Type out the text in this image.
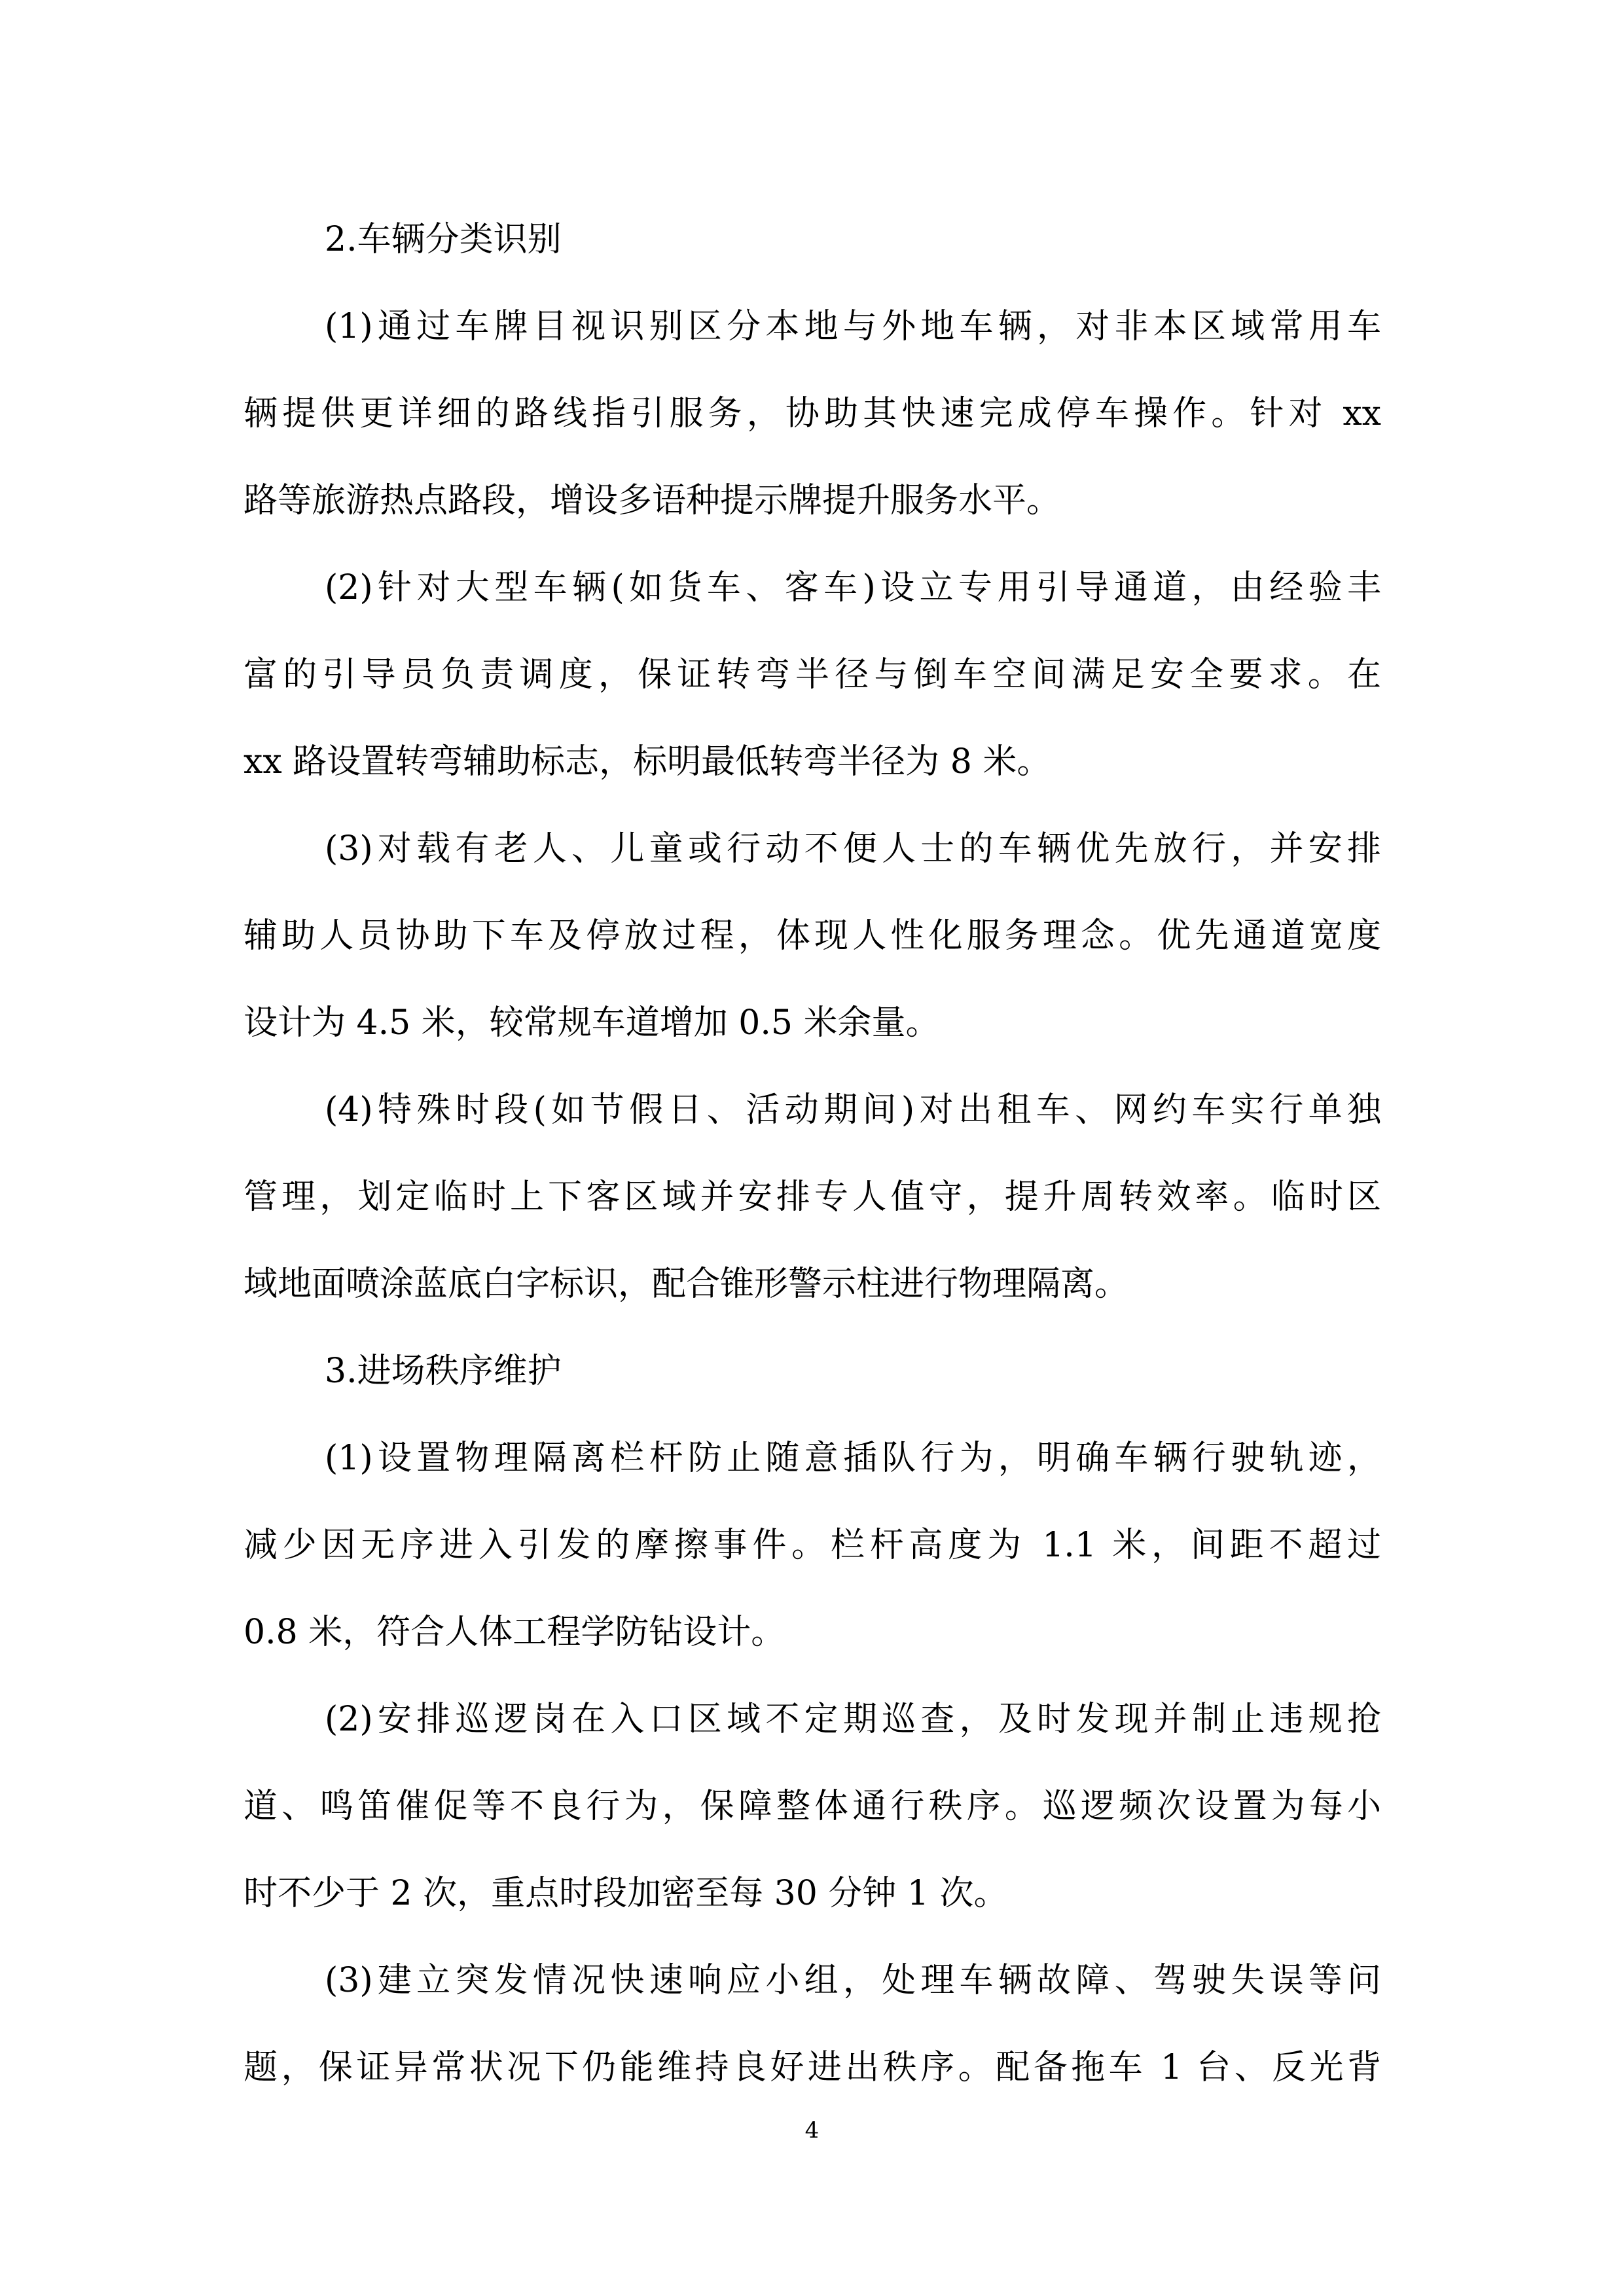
2.车辆分类识别
(1)通过车牌目视识别区分本地与外地车辆，对非本区域常用车
辆提供更详细的路线指引服务，协助其快速完成停车操作。针对 xx
路等旅游热点路段，增设多语种提示牌提升服务水平。
(2)针对大型车辆(如货车、客车)设立专用引导通道，由经验丰
富的引导员负责调度，保证转弯半径与倒车空间满足安全要求。在
xx 路设置转弯辅助标志，标明最低转弯半径为 8 米。
(3)对载有老人、儿童或行动不便人士的车辆优先放行，并安排
辅助人员协助下车及停放过程，体现人性化服务理念。优先通道宽度
设计为 4.5 米，较常规车道增加 0.5 米余量。
(4)特殊时段(如节假日、活动期间)对出租车、网约车实行单独
管理，划定临时上下客区域并安排专人值守，提升周转效率。临时区
域地面喷涂蓝底白字标识，配合锥形警示柱进行物理隔离。
3.进场秩序维护
(1)设置物理隔离栏杆防止随意插队行为，明确车辆行驶轨迹，
减少因无序进入引发的摩擦事件。栏杆高度为 1.1 米，间距不超过
0.8 米，符合人体工程学防钻设计。
(2)安排巡逻岗在入口区域不定期巡查，及时发现并制止违规抢
道、鸣笛催促等不良行为，保障整体通行秩序。巡逻频次设置为每小
时不少于 2 次，重点时段加密至每 30 分钟 1 次。
(3)建立突发情况快速响应小组，处理车辆故障、驾驶失误等问
题，保证异常状况下仍能维持良好进出秩序。配备拖车 1 台、反光背
4
